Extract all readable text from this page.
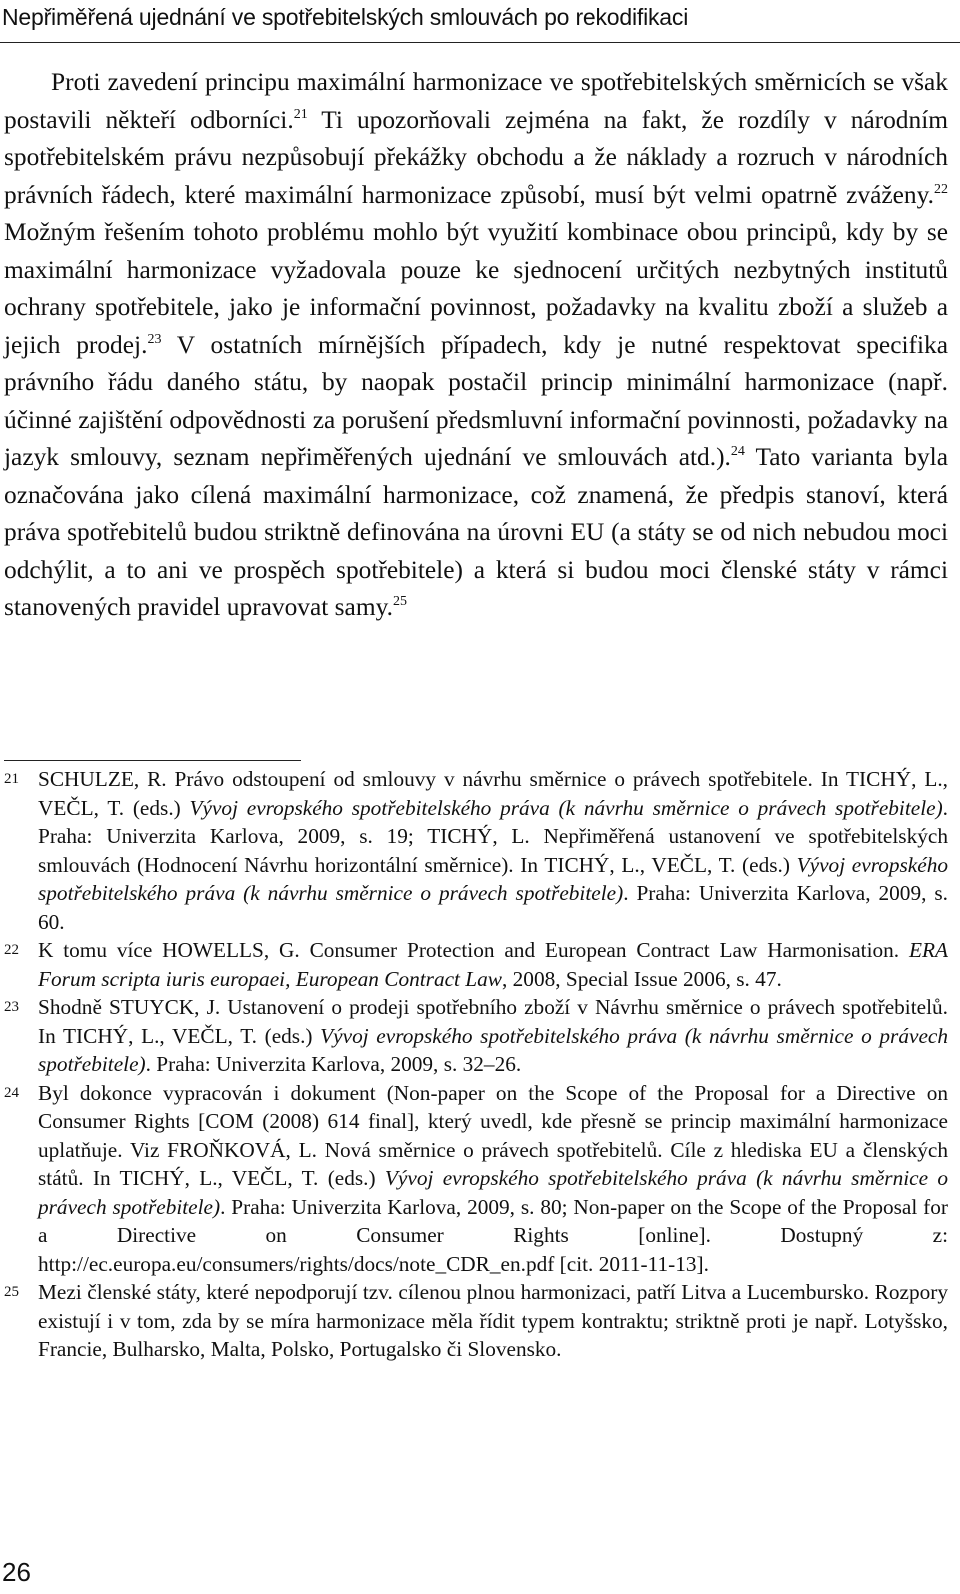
Nepřiměřená ujednání ve spotřebitelských smlouvách po rekodifikaci

Proti zavedení principu maximální harmonizace ve spotřebitelských směrnicích se však postavili někteří odborníci.$^{21}$ Ti upozorňovali zejména na fakt, že rozdíly v národním spotřebitelském právu nezpůsobují překážky obchodu a že náklady a rozruch v národních právních řádech, které maximální harmonizace způsobí, musí být velmi opatrně zváženy.$^{22}$ Možným řešením tohoto problému mohlo být využití kombinace obou principů, kdy by se maximální harmonizace vyžadovala pouze ke sjednocení určitých nezbytných institutů ochrany spotřebitele, jako je informační povinnost, požadavky na kvalitu zboží a služeb a jejich prodej.$^{23}$ V ostatních mírnějších případech, kdy je nutné respektovat specifika právního řádu daného státu, by naopak postačil princip minimální harmonizace (např. účinné zajištění odpovědnosti za porušení předsmluvní informační povinnosti, požadavky na jazyk smlouvy, seznam nepřiměřených ujednání ve smlouvách atd.).$^{24}$ Tato varianta byla označována jako cílená maximální harmonizace, což znamená, že předpis stanoví, která práva spotřebitelů budou striktně definována na úrovni EU (a státy se od nich nebudou moci odchýlit, a to ani ve prospěch spotřebitele) a která si budou moci členské státy v rámci stanovených pravidel upravovat samy.$^{25}$

21 SCHULZE, R. Právo odstoupení od smlouvy v návrhu směrnice o právech spotřebitele. In TICHÝ, L., VEČL, T. (eds.) Vývoj evropského spotřebitelského práva (k návrhu směrnice o právech spotřebitele). Praha: Univerzita Karlova, 2009, s. 19; TICHÝ, L. Nepřiměřená ustanovení ve spotřebitelských smlouvách (Hodnocení Návrhu horizontální směrnice). In TICHÝ, L., VEČL, T. (eds.) Vývoj evropského spotřebitelského práva (k návrhu směrnice o právech spotřebitele). Praha: Univerzita Karlova, 2009, s. 60.
22 K tomu více HOWELLS, G. Consumer Protection and European Contract Law Harmonisation. ERA Forum scripta iuris europaei, European Contract Law, 2008, Special Issue 2006, s. 47.
23 Shodně STUYCK, J. Ustanovení o prodeji spotřebního zboží v Návrhu směrnice o právech spotřebitelů. In TICHÝ, L., VEČL, T. (eds.) Vývoj evropského spotřebitelského práva (k návrhu směrnice o právech spotřebitele). Praha: Univerzita Karlova, 2009, s. 32–26.
24 Byl dokonce vypracován i dokument (Non-paper on the Scope of the Proposal for a Directive on Consumer Rights [COM (2008) 614 final], který uvedl, kde přesně se princip maximální harmonizace uplatňuje. Viz FROŇKOVÁ, L. Nová směrnice o právech spotřebitelů. Cíle z hlediska EU a členských států. In TICHÝ, L., VEČL, T. (eds.) Vývoj evropského spotřebitelského práva (k návrhu směrnice o právech spotřebitele). Praha: Univerzita Karlova, 2009, s. 80; Non-paper on the Scope of the Proposal for a Directive on Consumer Rights [online]. Dostupný z: http://ec.europa.eu/consumers/rights/docs/note_CDR_en.pdf [cit. 2011-11-13].
25 Mezi členské státy, které nepodporují tzv. cílenou plnou harmonizaci, patří Litva a Lucembursko. Rozpory existují i v tom, zda by se míra harmonizace měla řídit typem kontraktu; striktně proti je např. Lotyšsko, Francie, Bulharsko, Malta, Polsko, Portugalsko či Slovensko.
26
